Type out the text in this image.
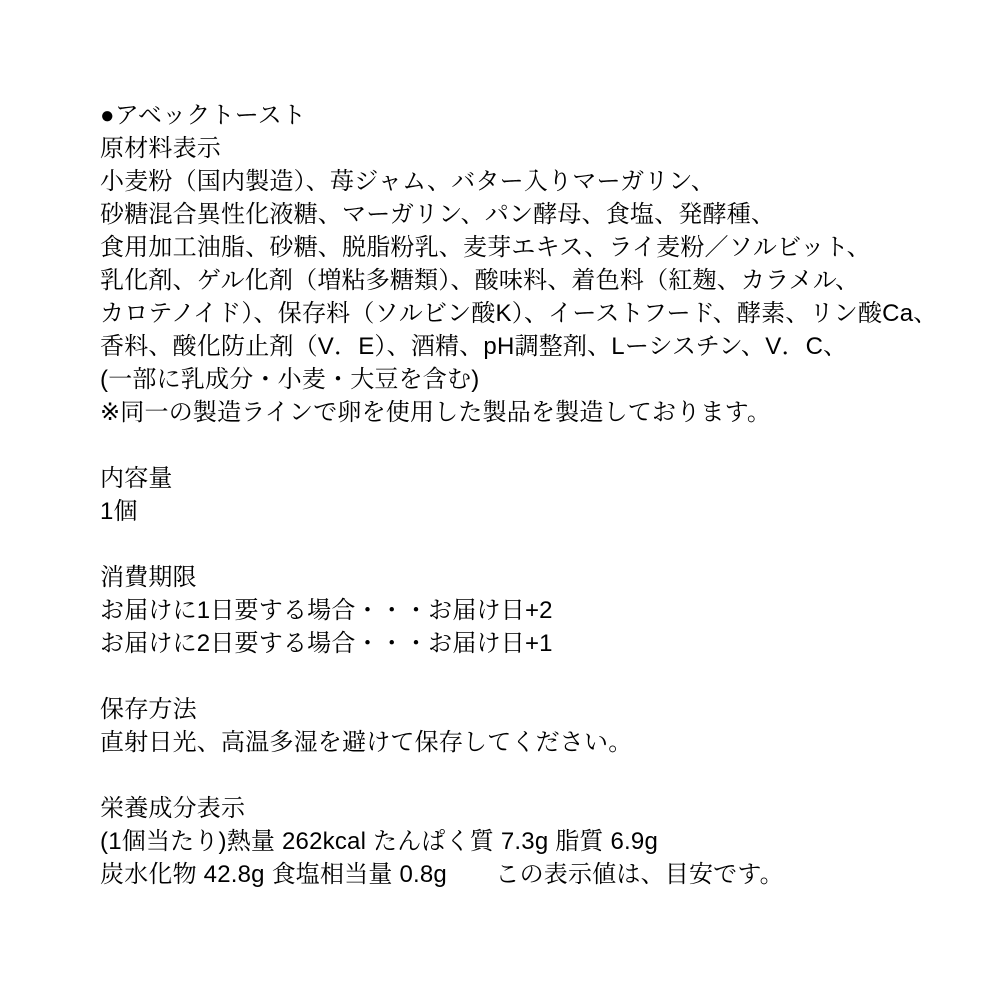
●アベックトースト
原材料表示
小麦粉（国内製造）、苺ジャム、バター入りマーガリン、
砂糖混合異性化液糖、マーガリン、パン酵母、食塩、発酵種、
食用加工油脂、砂糖、脱脂粉乳、麦芽エキス、ライ麦粉／ソルビット、
乳化剤、ゲル化剤（増粘多糖類）、酸味料、着色料（紅麹、カラメル、
カロテノイド）、保存料（ソルビン酸K）、イーストフード、酵素、リン酸Ca、
香料、酸化防止剤（V．E）、酒精、pH調整剤、Lーシスチン、V．C、
(一部に乳成分・小麦・大豆を含む)
※同一の製造ラインで卵を使用した製品を製造しております。
内容量
1個
消費期限
お届けに1日要する場合・・・お届け日+2
お届けに2日要する場合・・・お届け日+1
保存方法
直射日光、高温多湿を避けて保存してください。
栄養成分表示
(1個当たり)熱量 262kcal たんぱく質 7.3g 脂質 6.9g
炭水化物 42.8g 食塩相当量 0.8g　　この表示値は、目安です。
